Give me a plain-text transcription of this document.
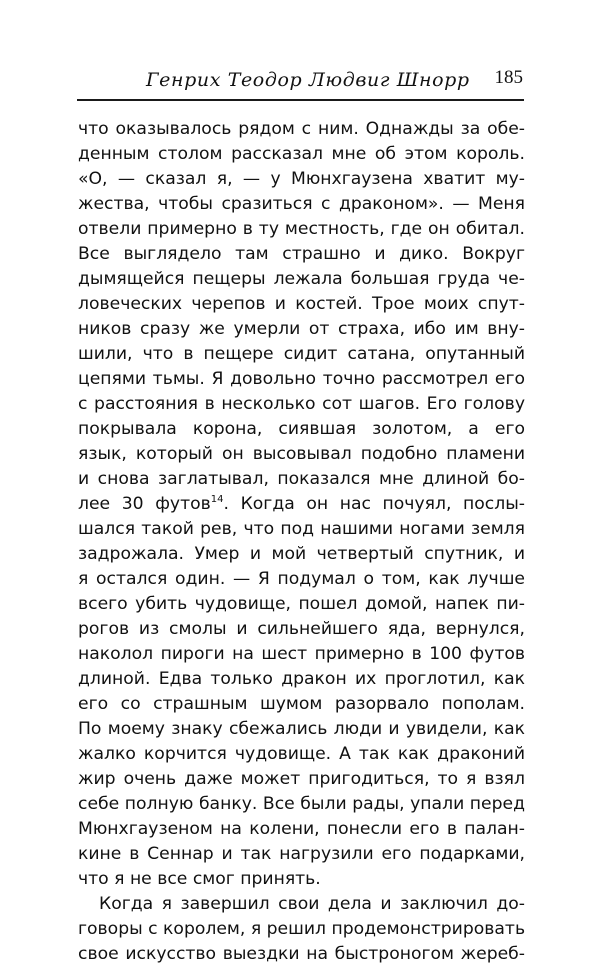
Генрих Теодор Людвиг Шнорр 185
что оказывалось рядом с ним. Однажды за обе-
денным столом рассказал мне об этом король.
«О, — сказал я, — у Мюнхгаузена хватит му-
жества, чтобы сразиться с драконом». — Меня
отвели примерно в ту местность, где он обитал.
Все выглядело там страшно и дико. Вокруг
дымящейся пещеры лежала большая груда че-
ловеческих черепов и костей. Трое моих спут-
ников сразу же умерли от страха, ибо им вну-
шили, что в пещере сидит сатана, опутанный
цепями тьмы. Я довольно точно рассмотрел его
с расстояния в несколько сот шагов. Его голову
покрывала корона, сиявшая золотом, а его
язык, который он высовывал подобно пламени
и снова заглатывал, показался мне длиной бо-
лее 30 футов$^{14}$. Когда он нас почуял, послы-
шался такой рев, что под нашими ногами земля
задрожала. Умер и мой четвертый спутник, и
я остался один. — Я подумал о том, как лучше
всего убить чудовище, пошел домой, напек пи-
рогов из смолы и сильнейшего яда, вернулся,
наколол пироги на шест примерно в 100 футов
длиной. Едва только дракон их проглотил, как
его со страшным шумом разорвало пополам.
По моему знаку сбежались люди и увидели, как
жалко корчится чудовище. А так как драконий
жир очень даже может пригодиться, то я взял
себе полную банку. Все были рады, упали перед
Мюнхгаузеном на колени, понесли его в палан-
кине в Сеннар и так нагрузили его подарками,
что я не все смог принять.
Когда я завершил свои дела и заключил до-
говоры с королем, я решил продемонстрировать
свое искусство выездки на быстроногом жереб-
